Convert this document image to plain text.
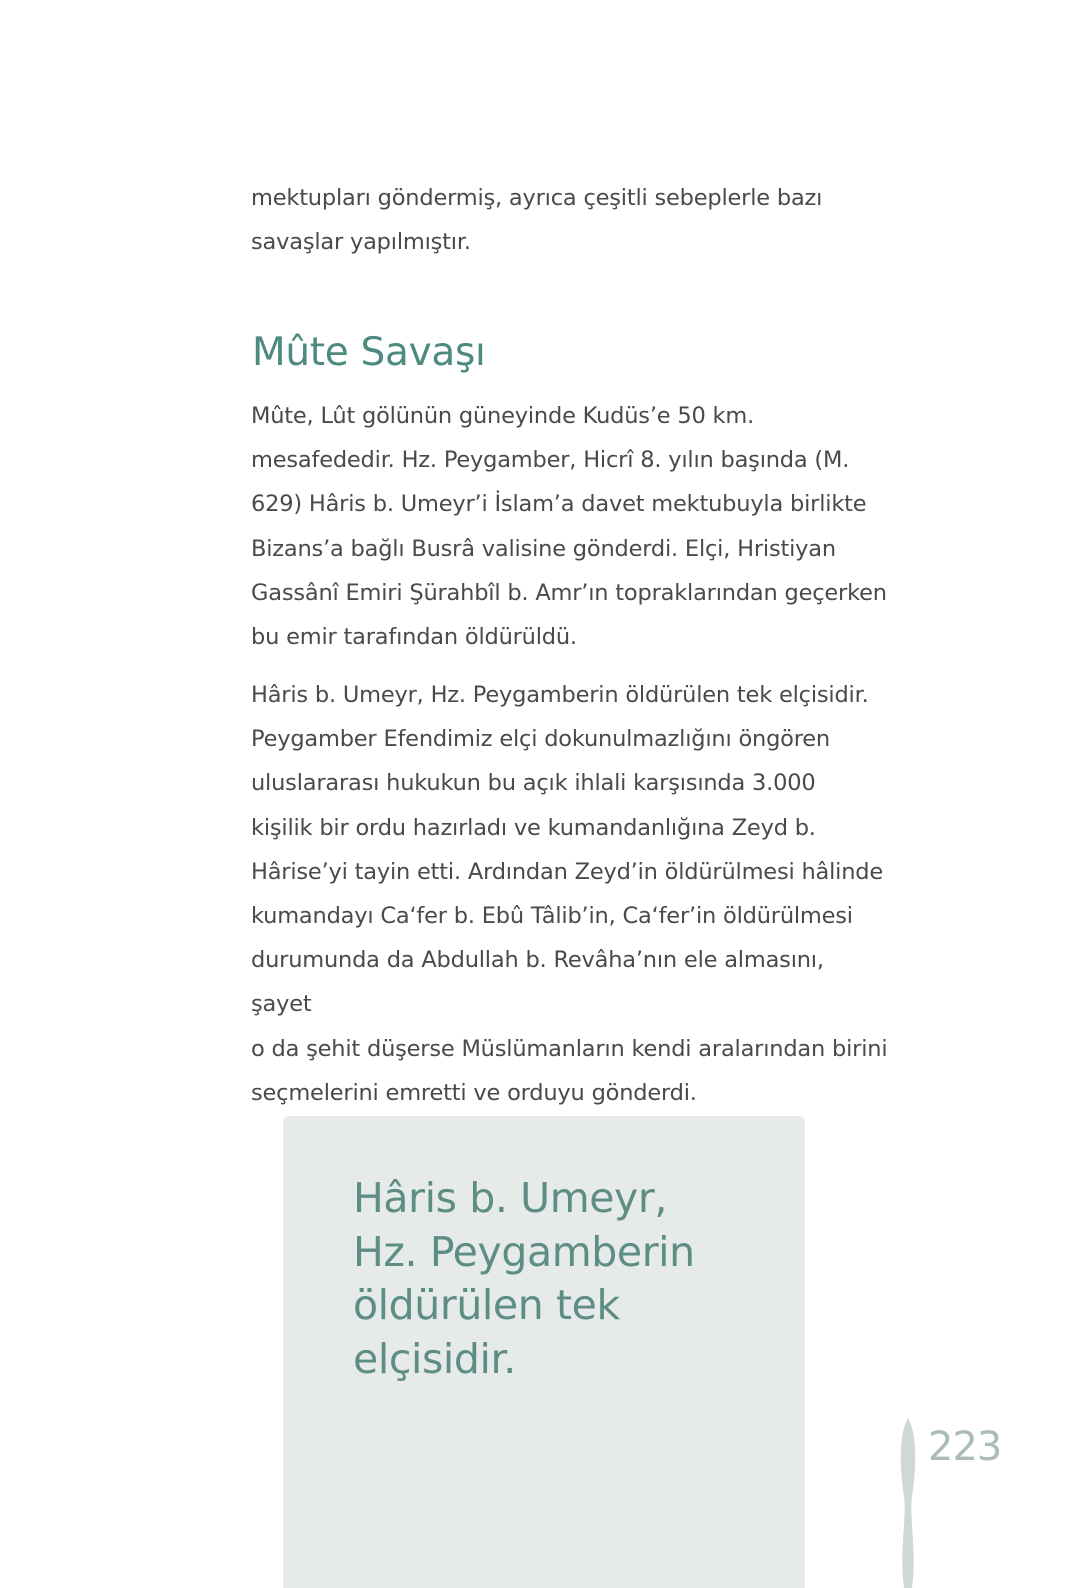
mektupları göndermiş, ayrıca çeşitli sebeplerle bazı

savaşlar yapılmıştır.

Mûte Savaşı

Mûte, Lût gölünün güneyinde Kudüs’e 50 km.

mesafededir. Hz. Peygamber, Hicrî 8. yılın başında (M.

629) Hâris b. Umeyr’i İslam’a davet mektubuyla birlikte

Bizans’a bağlı Busrâ valisine gönderdi. Elçi, Hristiyan

Gassânî Emiri Şürahbîl b. Amr’ın topraklarından geçerken

bu emir tarafından öldürüldü.

Hâris b. Umeyr, Hz. Peygamberin öldürülen tek elçisidir.

Peygamber Efendimiz elçi dokunulmazlığını öngören

uluslararası hukukun bu açık ihlali karşısında 3.000

kişilik bir ordu hazırladı ve kumandanlığına Zeyd b.

Hârise’yi tayin etti. Ardından Zeyd’in öldürülmesi hâlinde

kumandayı Ca‘fer b. Ebû Tâlib’in, Ca‘fer’in öldürülmesi

durumunda da Abdullah b. Revâha’nın ele almasını, şayet

o da şehit düşerse Müslümanların kendi aralarından birini

seçmelerini emretti ve orduyu gönderdi.

Hâris b. Umeyr,
Hz. Peygamberin
öldürülen tek
elçisidir.
223
